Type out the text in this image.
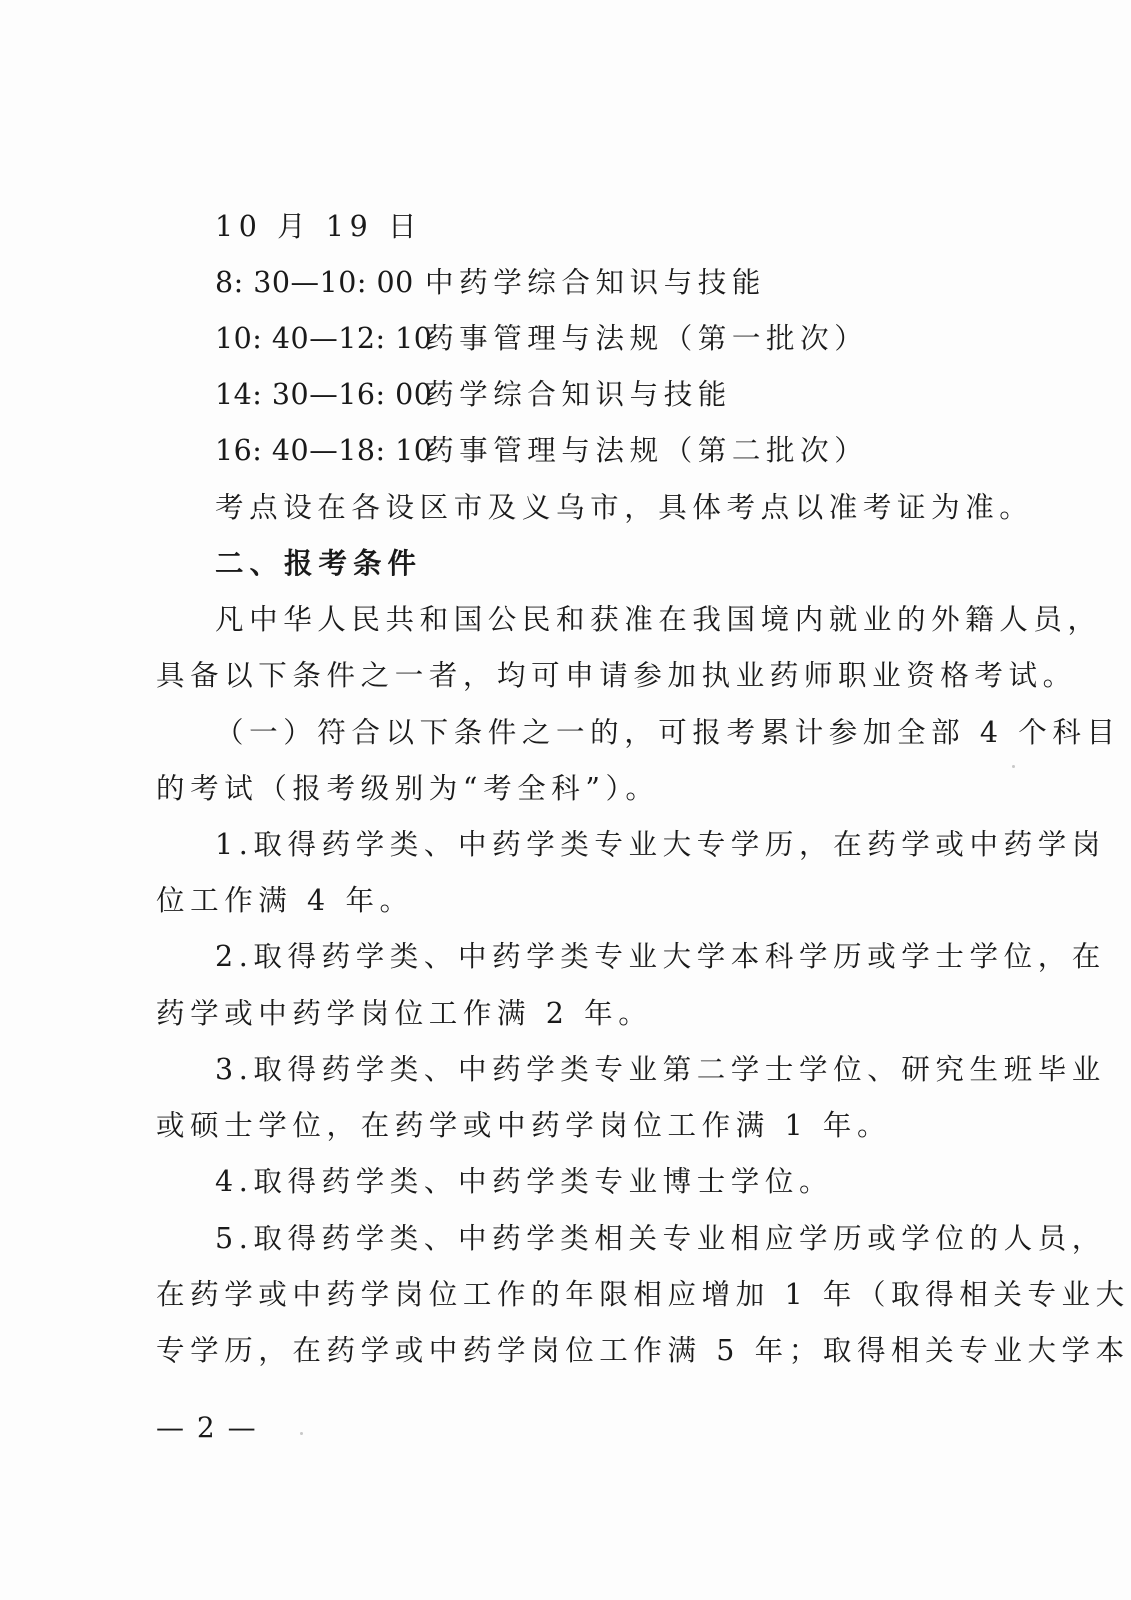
10 月 19 日
8: 30—10: 00 中药学综合知识与技能
10: 40—12: 10药事管理与法规（第一批次）
14: 30—16: 00药学综合知识与技能
16: 40—18: 10药事管理与法规（第二批次）
考点设在各设区市及义乌市，具体考点以准考证为准。
二、报考条件
凡中华人民共和国公民和获准在我国境内就业的外籍人员，
具备以下条件之一者，均可申请参加执业药师职业资格考试。
（一）符合以下条件之一的，可报考累计参加全部 4 个科目
的考试（报考级别为“考全科”）。
1.取得药学类、中药学类专业大专学历，在药学或中药学岗
位工作满 4 年。
2.取得药学类、中药学类专业大学本科学历或学士学位，在
药学或中药学岗位工作满 2 年。
3.取得药学类、中药学类专业第二学士学位、研究生班毕业
或硕士学位，在药学或中药学岗位工作满 1 年。
4.取得药学类、中药学类专业博士学位。
5.取得药学类、中药学类相关专业相应学历或学位的人员，
在药学或中药学岗位工作的年限相应增加 1 年（取得相关专业大
专学历，在药学或中药学岗位工作满 5 年；取得相关专业大学本
— 2 —
